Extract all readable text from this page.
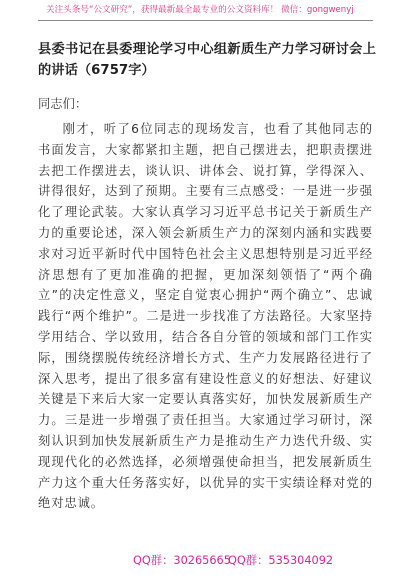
关注头条号“公文研究”，获得最新最全最专业的公文资料库！ 微信：gongwenyj
县委书记在县委理论学习中心组新质生产力学习研讨会上的讲话（6757字）

同志们：

刚才，听了6位同志的现场发言，也看了其他同志的书面发言，大家都紧扣主题，把自己摆进去，把职责摆进去把工作摆进去，谈认识、讲体会、说打算，学得深入、讲得很好，达到了预期。主要有三点感受：一是进一步强化了理论武装。大家认真学习习近平总书记关于新质生产力的重要论述，深入领会新质生产力的深刻内涵和实践要求对习近平新时代中国特色社会主义思想特别是习近平经济思想有了更加准确的把握，更加深刻领悟了“两个确立”的决定性意义，坚定自觉衷心拥护“两个确立”、忠诚践行“两个维护”。二是进一步找准了方法路径。大家坚持学用结合、学以致用，结合各自分管的领域和部门工作实际，围绕摆脱传统经济增长方式、生产力发展路径进行了深入思考，提出了很多富有建设性意义的好想法、好建议关键是下来后大家一定要认真落实好，加快发展新质生产力。三是进一步增强了责任担当。大家通过学习研讨，深刻认识到加快发展新质生产力是推动生产力迭代升级、实现现代化的必然选择，必须增强使命担当，把发展新质生产力这个重大任务落实好，以优异的实干实绩诠释对党的绝对忠诚。

QQ群：30265665
QQ群：535304092
